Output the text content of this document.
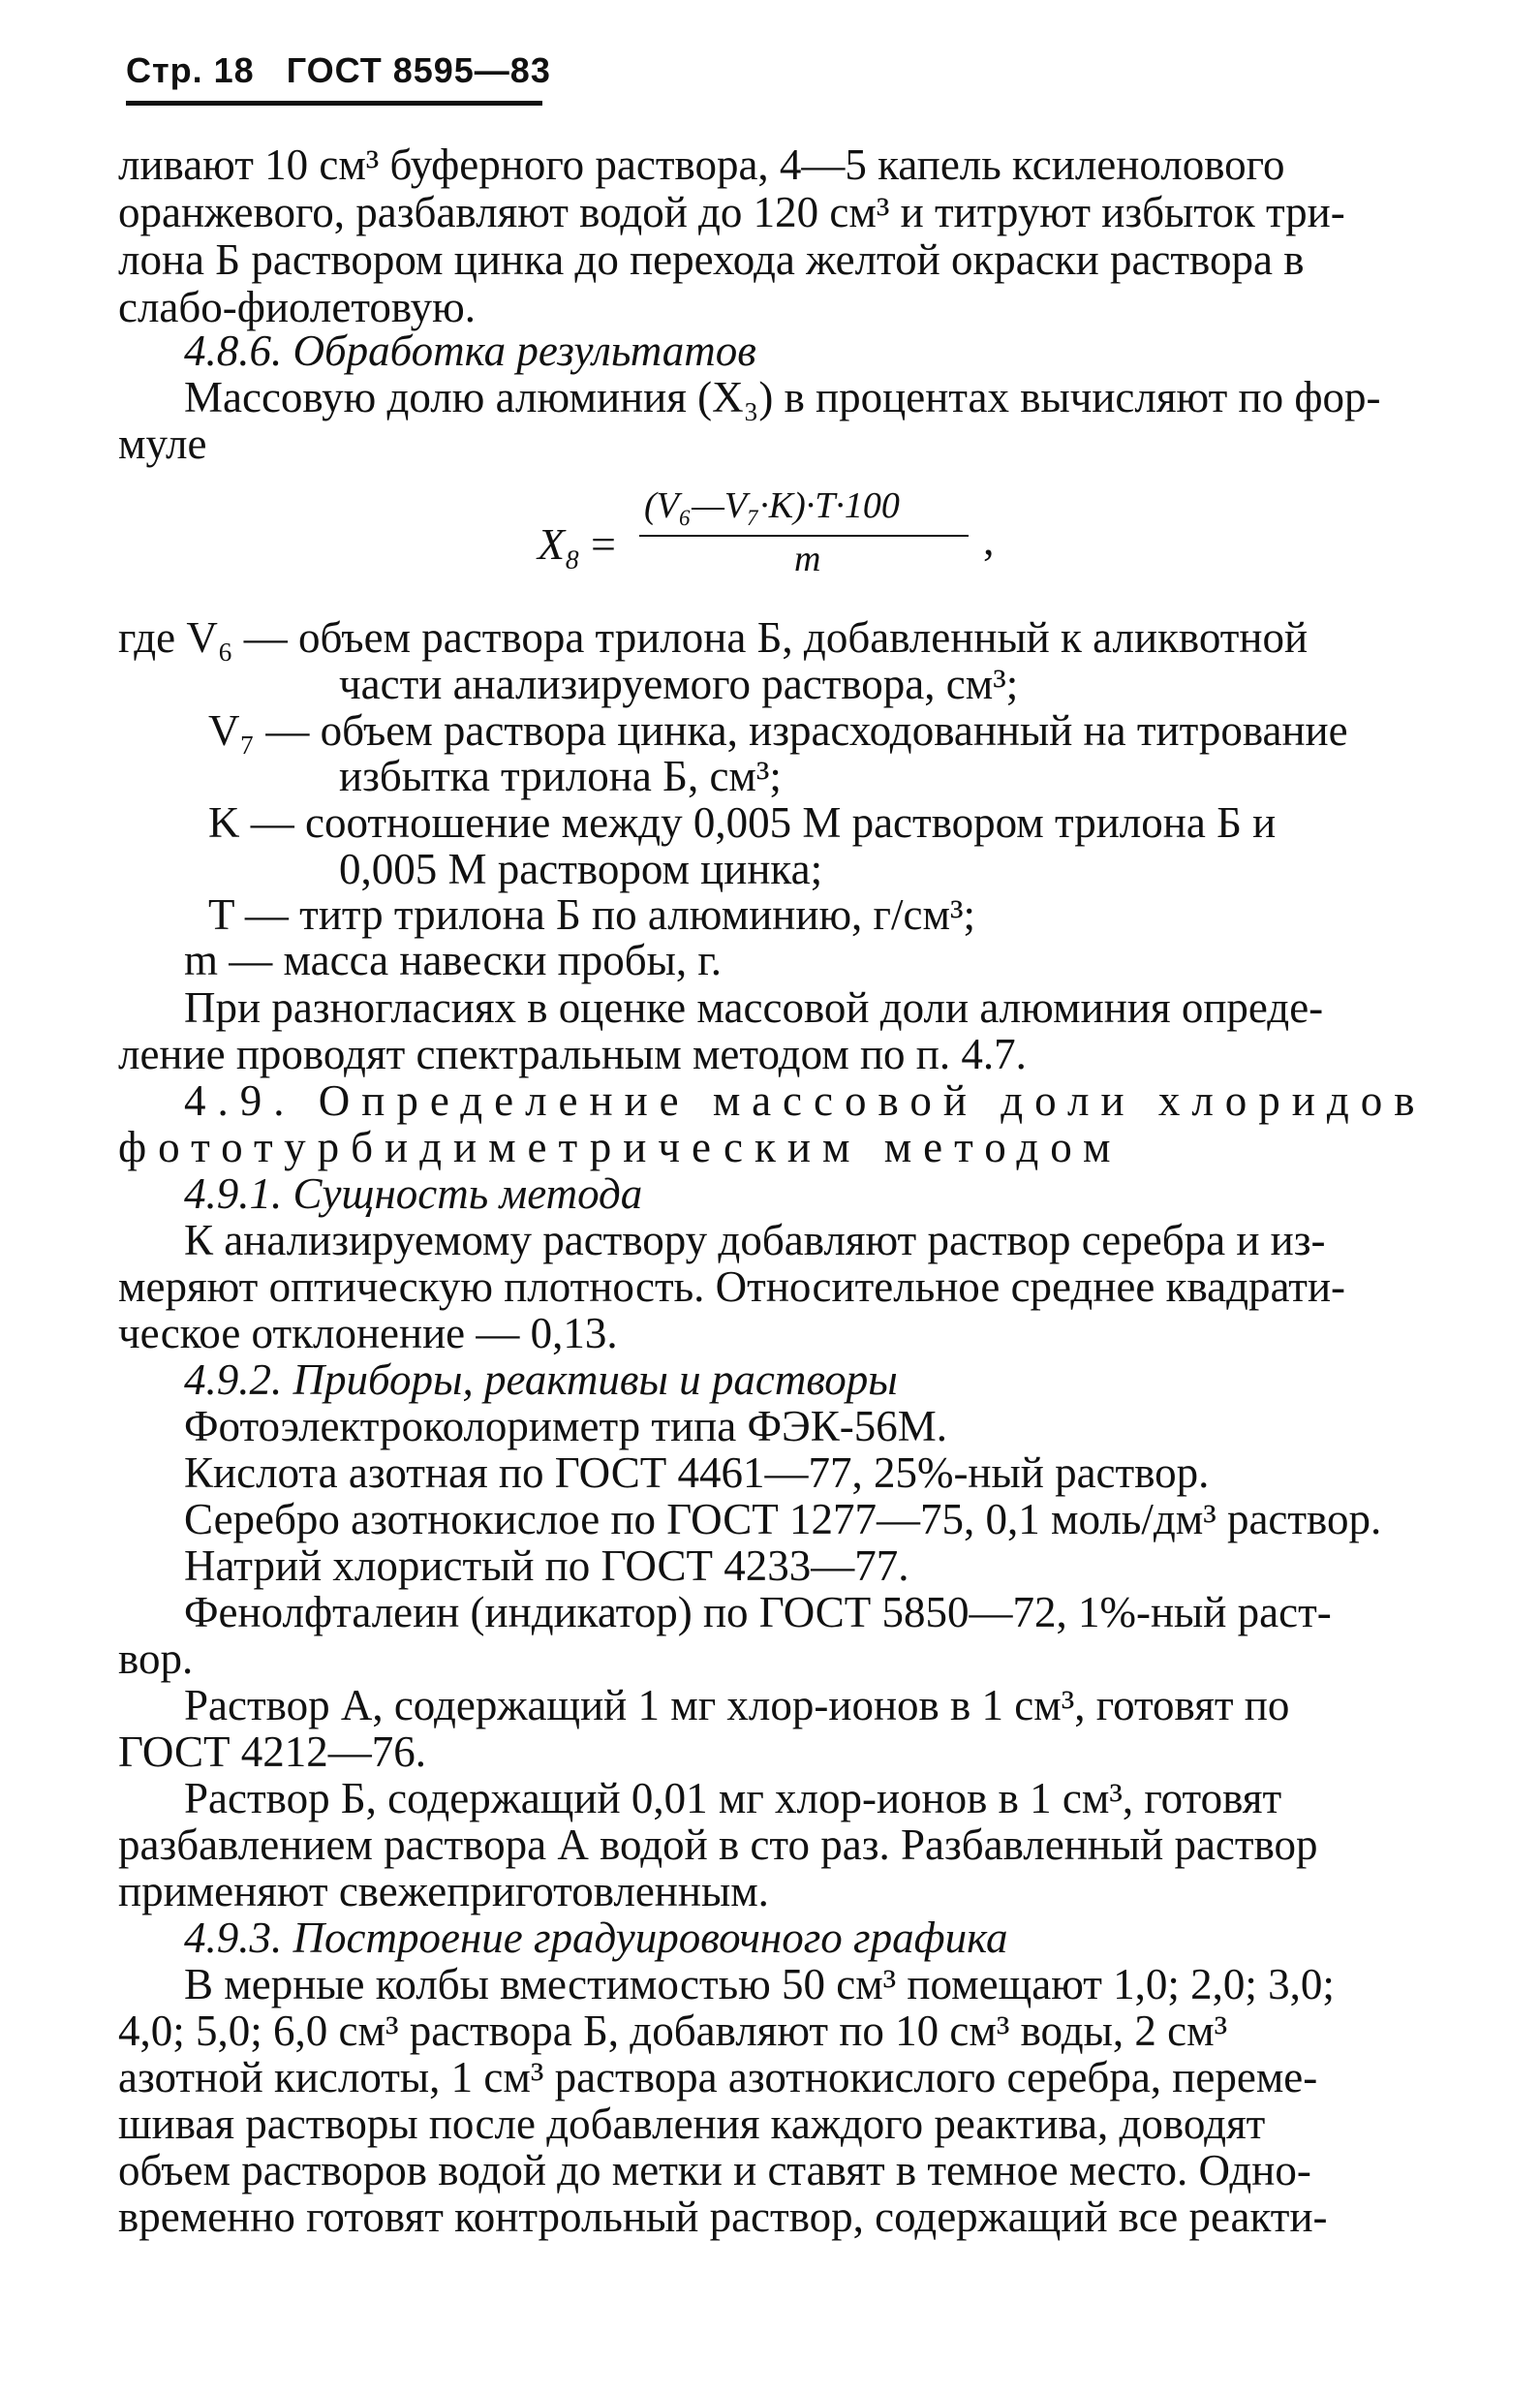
Стр. 18 ГОСТ 8595—83
ливают 10 см³ буферного раствора, 4—5 капель ксиленолового
оранжевого, разбавляют водой до 120 см³ и титруют избыток три-
лона Б раствором цинка до перехода желтой окраски раствора в
слабо-фиолетовую.
4.8.6. Обработка результатов
Массовую долю алюминия (X₃) в процентах вычисляют по фор-
муле
X₈ =
(V₆—V₇·K)·T·100
m	,
где V₆ — объем раствора трилона Б, добавленный к аликвотной
части анализируемого раствора, см³;
V₇ — объем раствора цинка, израсходованный на титрование
избытка трилона Б, см³;
K — соотношение между 0,005 М раствором трилона Б и
0,005 М раствором цинка;
T — титр трилона Б по алюминию, г/см³;
m — масса навески пробы, г.
При разногласиях в оценке массовой доли алюминия опреде-
ление проводят спектральным методом по п. 4.7.
4.9. Определение массовой доли хлоридов
фототурбидиметрическим методом
4.9.1. Сущность метода
К анализируемому раствору добавляют раствор серебра и из-
меряют оптическую плотность. Относительное среднее квадрати-
ческое отклонение — 0,13.
4.9.2. Приборы, реактивы и растворы
Фотоэлектроколориметр типа ФЭК-56М.
Кислота азотная по ГОСТ 4461—77, 25%-ный раствор.
Серебро азотнокислое по ГОСТ 1277—75, 0,1 моль/дм³ раствор.
Натрий хлористый по ГОСТ 4233—77.
Фенолфталеин (индикатор) по ГОСТ 5850—72, 1%-ный раст-
вор.
Раствор А, содержащий 1 мг хлор-ионов в 1 см³, готовят по
ГОСТ 4212—76.
Раствор Б, содержащий 0,01 мг хлор-ионов в 1 см³, готовят
разбавлением раствора А водой в сто раз. Разбавленный раствор
применяют свежеприготовленным.
4.9.3. Построение градуировочного графика
В мерные колбы вместимостью 50 см³ помещают 1,0; 2,0; 3,0;
4,0; 5,0; 6,0 см³ раствора Б, добавляют по 10 см³ воды, 2 см³
азотной кислоты, 1 см³ раствора азотнокислого серебра, переме-
шивая растворы после добавления каждого реактива, доводят
объем растворов водой до метки и ставят в темное место. Одно-
временно готовят контрольный раствор, содержащий все реакти-
